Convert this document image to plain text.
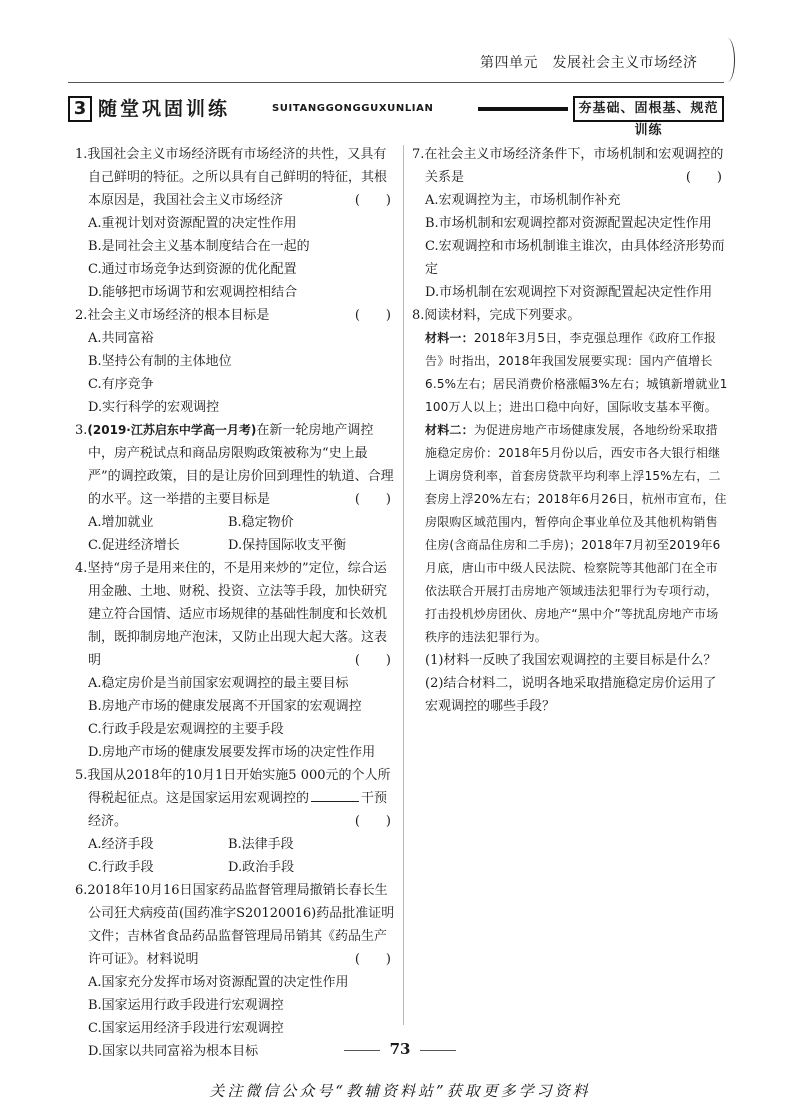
第四单元　发展社会主义市场经济
3 随堂巩固训练	SUITANGGONGGUXUNLIAN	夯基础、固根基、规范训练
1.我国社会主义市场经济既有市场经济的共性，又具有自己鲜明的特征。之所以具有自己鲜明的特征，其根本原因是，我国社会主义市场经济	(　　)
A.重视计划对资源配置的决定性作用
B.是同社会主义基本制度结合在一起的
C.通过市场竞争达到资源的优化配置
D.能够把市场调节和宏观调控相结合
2.社会主义市场经济的根本目标是	(　　)
A.共同富裕
B.坚持公有制的主体地位
C.有序竞争
D.实行科学的宏观调控
3.(2019·江苏启东中学高一月考)在新一轮房地产调控中，房产税试点和商品房限购政策被称为“史上最严”的调控政策，目的是让房价回到理性的轨道、合理的水平。这一举措的主要目标是	(　　)
A.增加就业	B.稳定物价
C.促进经济增长	D.保持国际收支平衡
4.坚持“房子是用来住的，不是用来炒的”定位，综合运用金融、土地、财税、投资、立法等手段，加快研究建立符合国情、适应市场规律的基础性制度和长效机制，既抑制房地产泡沫，又防止出现大起大落。这表明	(　　)
A.稳定房价是当前国家宏观调控的最主要目标
B.房地产市场的健康发展离不开国家的宏观调控
C.行政手段是宏观调控的主要手段
D.房地产市场的健康发展要发挥市场的决定性作用
5.我国从2018年的10月1日开始实施5 000元的个人所得税起征点。这是国家运用宏观调控的	干预经济。	(　　)
A.经济手段	B.法律手段
C.行政手段	D.政治手段
6.2018年10月16日国家药品监督管理局撤销长春长生公司狂犬病疫苗(国药准字S20120016)药品批准证明文件；吉林省食品药品监督管理局吊销其《药品生产许可证》。材料说明	(　　)
A.国家充分发挥市场对资源配置的决定性作用
B.国家运用行政手段进行宏观调控
C.国家运用经济手段进行宏观调控
D.国家以共同富裕为根本目标
7.在社会主义市场经济条件下，市场机制和宏观调控的关系是	(　　)
A.宏观调控为主，市场机制作补充
B.市场机制和宏观调控都对资源配置起决定性作用
C.宏观调控和市场机制谁主谁次，由具体经济形势而定
D.市场机制在宏观调控下对资源配置起决定性作用
8.阅读材料，完成下列要求。
材料一：2018年3月5日，李克强总理作《政府工作报告》时指出，2018年我国发展要实现：国内产值增长6.5%左右；居民消费价格涨幅3%左右；城镇新增就业1 100万人以上；进出口稳中向好，国际收支基本平衡。
材料二：为促进房地产市场健康发展，各地纷纷采取措施稳定房价：2018年5月份以后，西安市各大银行相继上调房贷利率，首套房贷款平均利率上浮15%左右，二套房上浮20%左右；2018年6月26日，杭州市宣布，住房限购区域范围内，暂停向企事业单位及其他机构销售住房(含商品住房和二手房)；2018年7月初至2019年6月底，唐山市中级人民法院、检察院等其他部门在全市依法联合开展打击房地产领域违法犯罪行为专项行动，打击投机炒房团伙、房地产“黑中介”等扰乱房地产市场秩序的违法犯罪行为。
(1)材料一反映了我国宏观调控的主要目标是什么？
(2)结合材料二，说明各地采取措施稳定房价运用了宏观调控的哪些手段？
73
关注微信公众号“教辅资料站”获取更多学习资料
